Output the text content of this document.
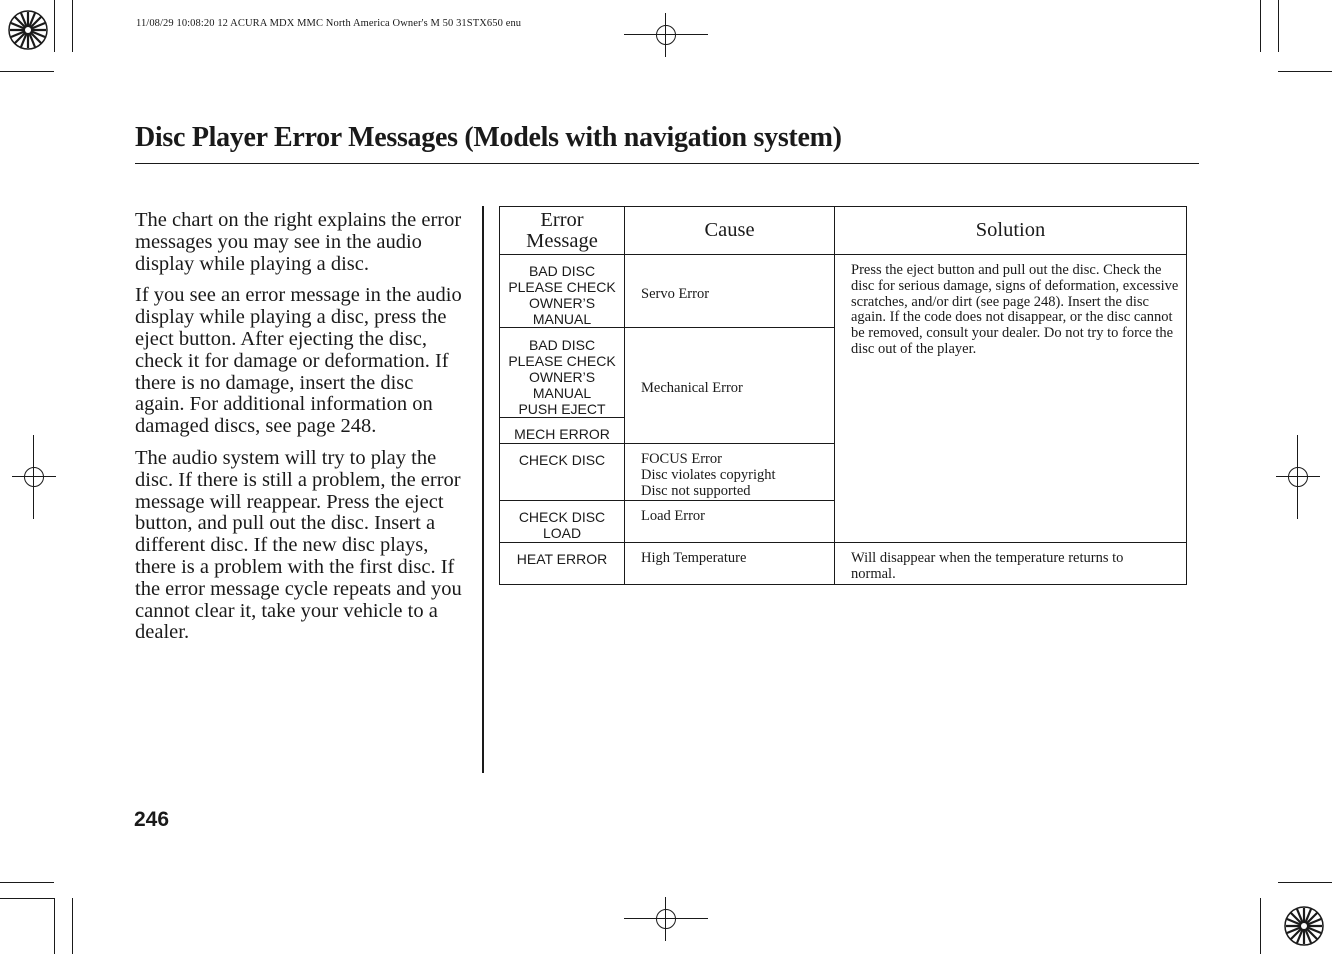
11/08/29 10:08:20 12 ACURA MDX MMC North America Owner's M 50 31STX650 enu
Disc Player Error Messages (Models with navigation system)

The chart on the right explains the error messages you may see in the audio display while playing a disc.

If you see an error message in the audio display while playing a disc, press the eject button. After ejecting the disc, check it for damage or deformation. If there is no damage, insert the disc again. For additional information on damaged discs, see page 248.

The audio system will try to play the disc. If there is still a problem, the error message will reappear. Press the eject button, and pull out the disc. Insert a different disc. If the new disc plays, there is a problem with the first disc. If the error message cycle repeats and you cannot clear it, take your vehicle to a dealer.

Error
Message	Cause	Solution
BAD DISC
PLEASE CHECK
OWNER’S
MANUAL
BAD DISC
PLEASE CHECK
OWNER’S
MANUAL
PUSH EJECT
MECH ERROR
CHECK DISC
CHECK DISC
LOAD
HEAT ERROR
Servo Error
Mechanical Error
FOCUS Error
Disc violates copyright
Disc not supported
Load Error
High Temperature
Press the eject button and pull out the disc. Check the disc for serious damage, signs of deformation, excessive scratches, and/or dirt (see page 248). Insert the disc again. If the code does not disappear, or the disc cannot be removed, consult your dealer. Do not try to force the disc out of the player.
Will disappear when the temperature returns to normal.
246
